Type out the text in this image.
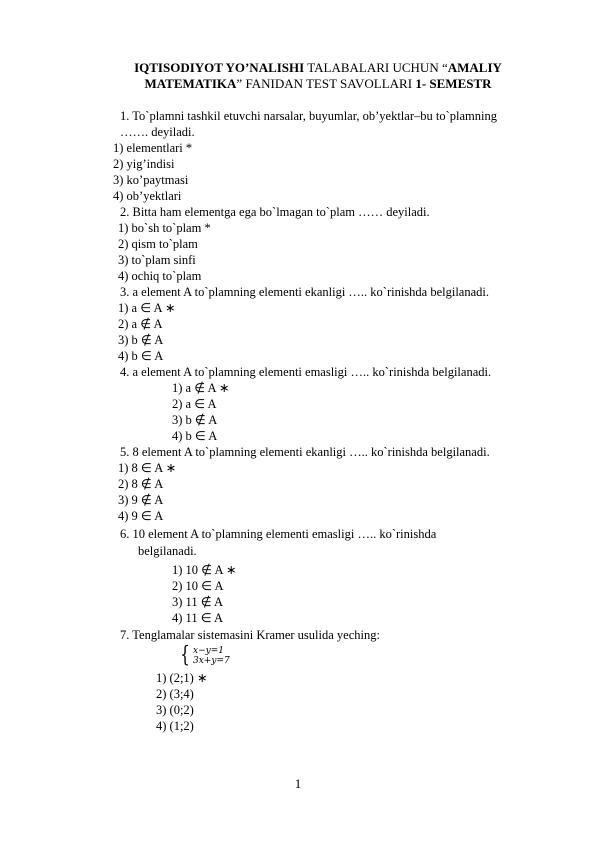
IQTISODIYOT YO’NALISHI TALABALARI UCHUN “AMALIY MATEMATIKA” FANIDAN TEST SAVOLLARI 1- SEMESTR
1. To`plamni tashkil etuvchi narsalar, buyumlar, ob’yektlar–bu to`plamning
……. deyiladi.
1) elementlari *
2) yig’indisi
3) ko’paytmasi
4) ob’yektlari
2. Bitta ham elementga ega bo`lmagan to`plam …… deyiladi.
1) bo`sh to`plam *
2) qism to`plam
3) to`plam sinfi
4) ochiq to`plam
3. a element A to`plamning elementi ekanligi ….. ko`rinishda belgilanadi.
1) a ∈ A ∗
2) a ∉ A
3) b ∉ A
4) b ∈ A
4. a element A to`plamning elementi emasligi ….. ko`rinishda belgilanadi.
1) a ∉ A ∗
2) a ∈ A
3) b ∉ A
4) b ∈ A
5. 8 element A to`plamning elementi ekanligi ….. ko`rinishda belgilanadi.
1) 8 ∈ A ∗
2) 8 ∉ A
3) 9 ∉ A
4) 9 ∈ A
6. 10 element A to`plamning elementi emasligi ….. ko`rinishda
belgilanadi.
1) 10 ∉ A ∗
2) 10 ∈ A
3) 11 ∉ A
4) 11 ∈ A
7. Tenglamalar sistemasini Kramer usulida yeching:
{ x−y=1
3x+y=7
1) (2;1) ∗
2) (3;4)
3) (0;2)
4) (1;2)
1
